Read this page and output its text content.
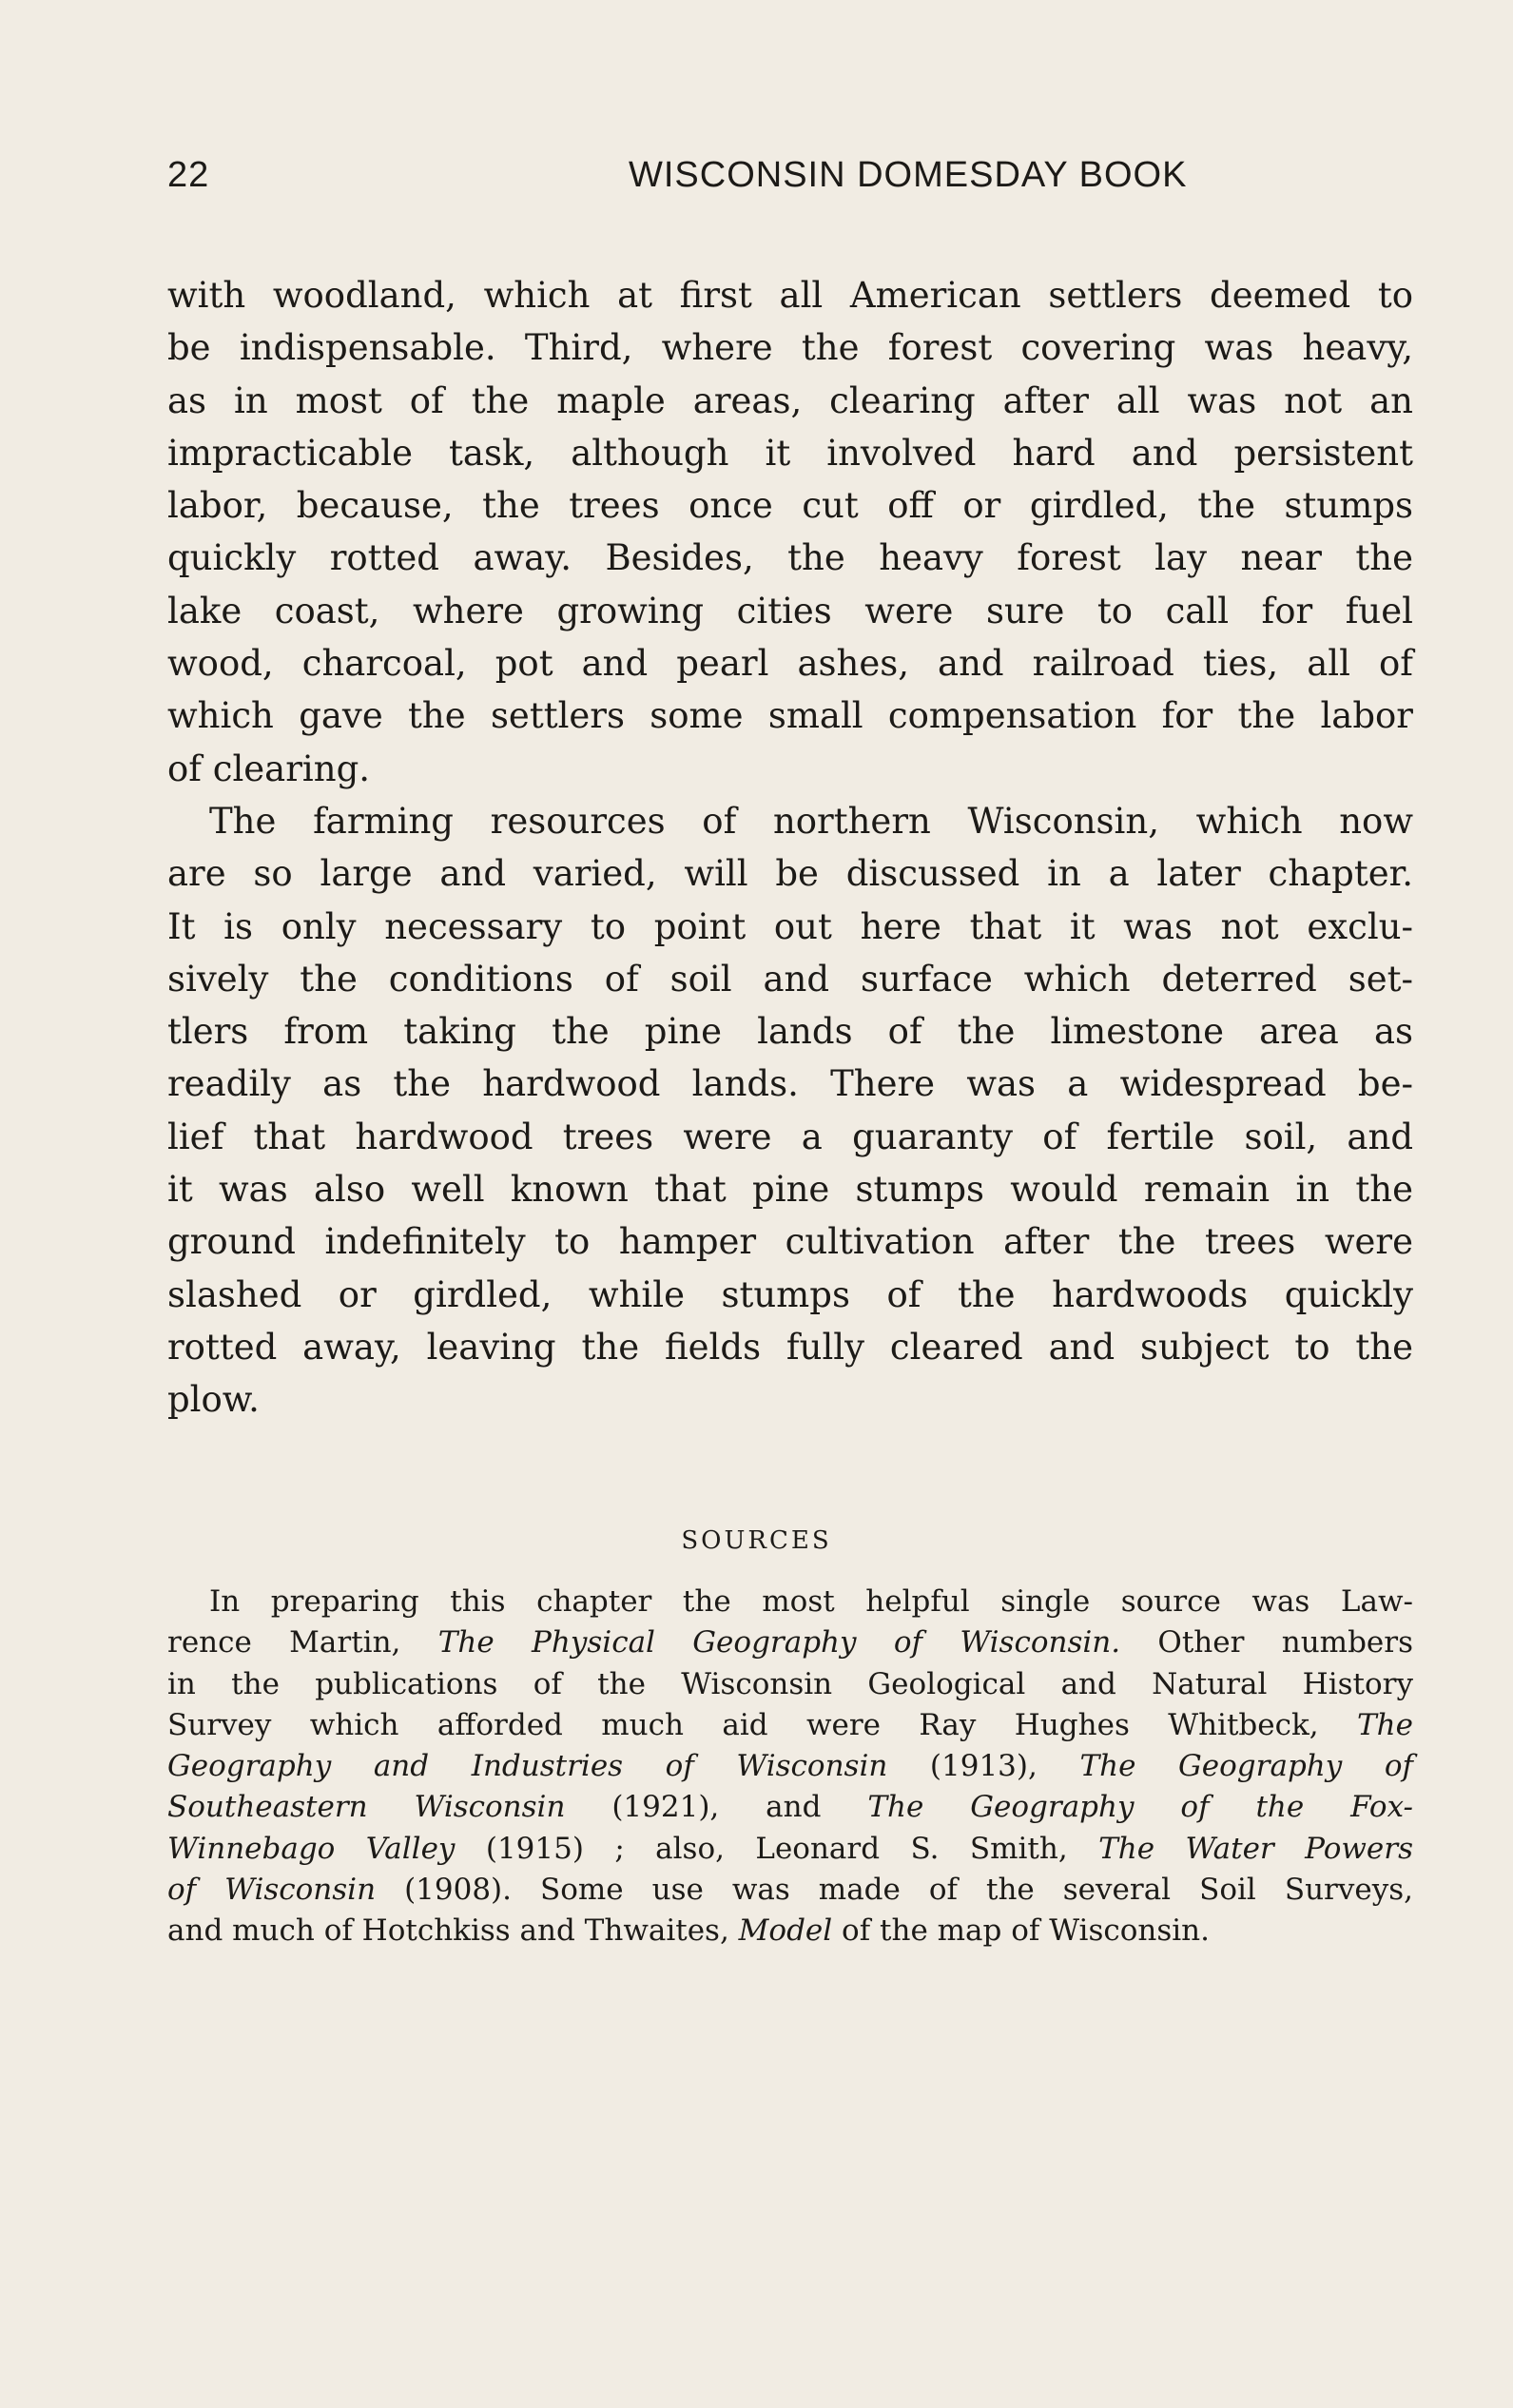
22	WISCONSIN DOMESDAY BOOK
with woodland, which at first all American settlers deemed to
be indispensable. Third, where the forest covering was heavy,
as in most of the maple areas, clearing after all was not an
impracticable task, although it involved hard and persistent
labor, because, the trees once cut off or girdled, the stumps
quickly rotted away. Besides, the heavy forest lay near the
lake coast, where growing cities were sure to call for fuel
wood, charcoal, pot and pearl ashes, and railroad ties, all of
which gave the settlers some small compensation for the labor
of clearing.
The farming resources of northern Wisconsin, which now
are so large and varied, will be discussed in a later chapter.
It is only necessary to point out here that it was not exclu-
sively the conditions of soil and surface which deterred set-
tlers from taking the pine lands of the limestone area as
readily as the hardwood lands. There was a widespread be-
lief that hardwood trees were a guaranty of fertile soil, and
it was also well known that pine stumps would remain in the
ground indefinitely to hamper cultivation after the trees were
slashed or girdled, while stumps of the hardwoods quickly
rotted away, leaving the fields fully cleared and subject to the
plow.
SOURCES
In preparing this chapter the most helpful single source was Law-
rence Martin, The Physical Geography of Wisconsin. Other numbers
in the publications of the Wisconsin Geological and Natural History
Survey which afforded much aid were Ray Hughes Whitbeck, The
Geography and Industries of Wisconsin (1913), The Geography of
Southeastern Wisconsin (1921), and The Geography of the Fox-
Winnebago Valley (1915) ; also, Leonard S. Smith, The Water Powers
of Wisconsin (1908). Some use was made of the several Soil Surveys,
and much of Hotchkiss and Thwaites, Model of the map of Wisconsin.
